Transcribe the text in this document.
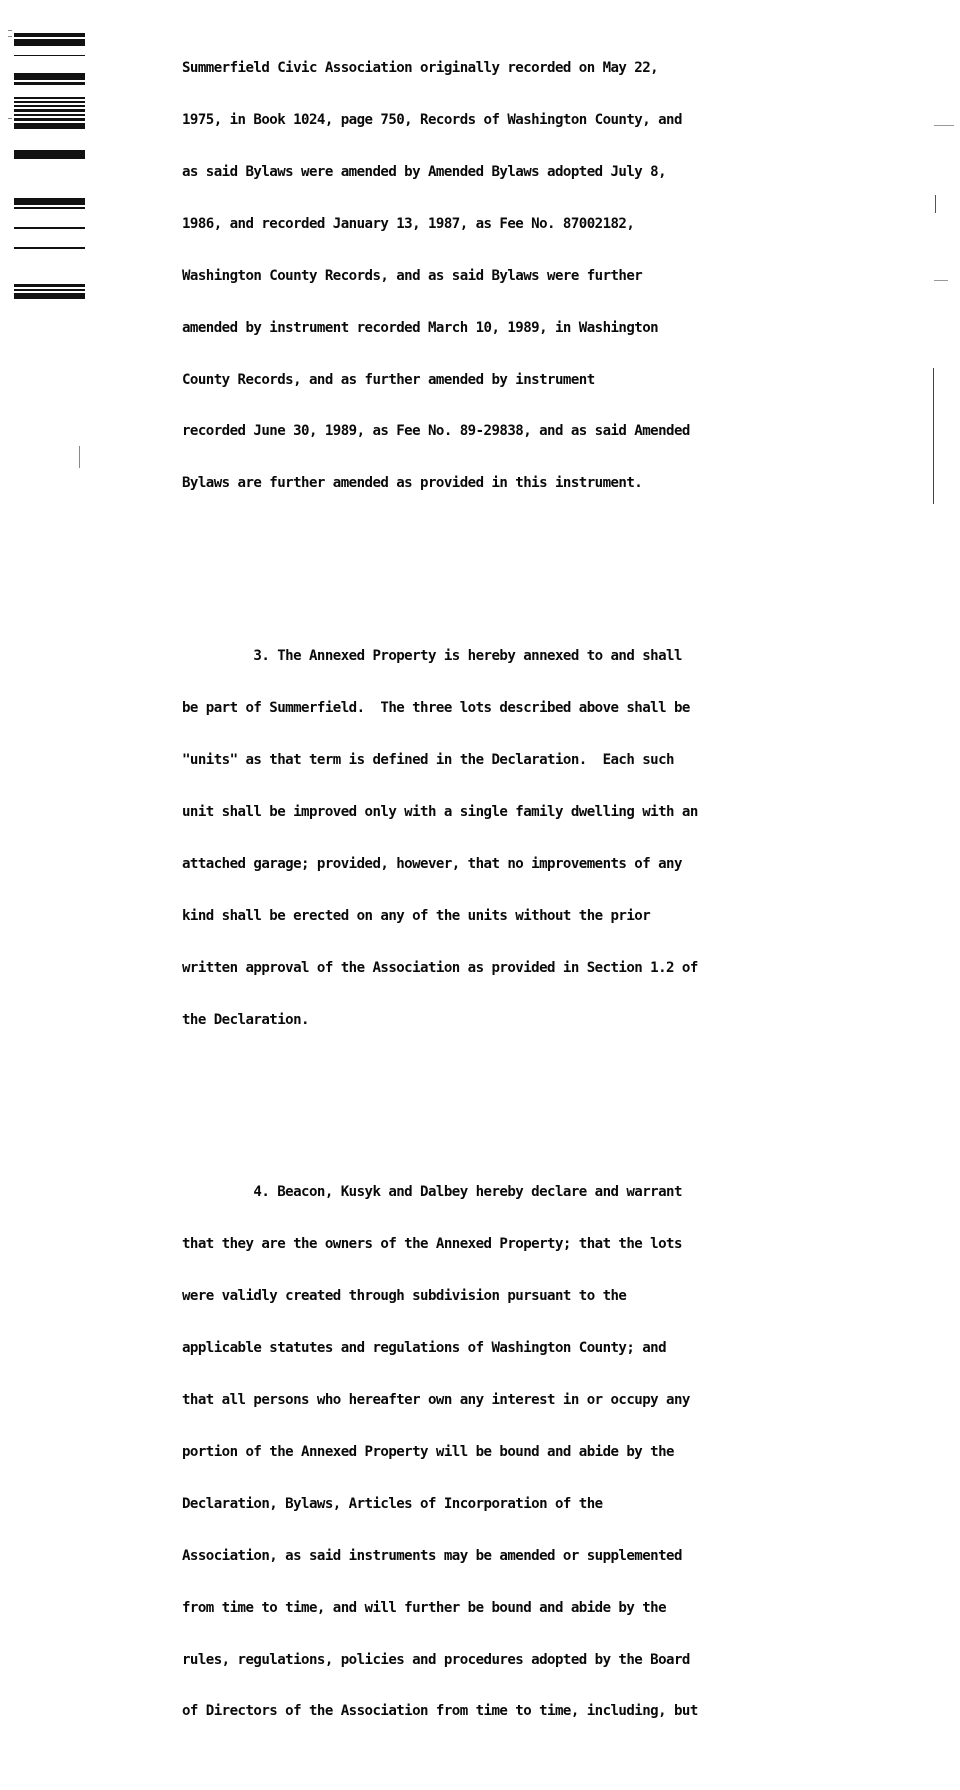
Summerfield Civic Association originally recorded on May 22,

1975, in Book 1024, page 750, Records of Washington County, and

as said Bylaws were amended by Amended Bylaws adopted July 8,

1986, and recorded January 13, 1987, as Fee No. 87002182,

Washington County Records, and as said Bylaws were further

amended by instrument recorded March 10, 1989, in Washington

County Records, and as further amended by instrument

recorded June 30, 1989, as Fee No. 89-29838, and as said Amended

Bylaws are further amended as provided in this instrument.

3. The Annexed Property is hereby annexed to and shall

be part of Summerfield.  The three lots described above shall be

"units" as that term is defined in the Declaration.  Each such

unit shall be improved only with a single family dwelling with an

attached garage; provided, however, that no improvements of any

kind shall be erected on any of the units without the prior

written approval of the Association as provided in Section 1.2 of

the Declaration.

4. Beacon, Kusyk and Dalbey hereby declare and warrant

that they are the owners of the Annexed Property; that the lots

were validly created through subdivision pursuant to the

applicable statutes and regulations of Washington County; and

that all persons who hereafter own any interest in or occupy any

portion of the Annexed Property will be bound and abide by the

Declaration, Bylaws, Articles of Incorporation of the

Association, as said instruments may be amended or supplemented

from time to time, and will further be bound and abide by the

rules, regulations, policies and procedures adopted by the Board

of Directors of the Association from time to time, including, but
